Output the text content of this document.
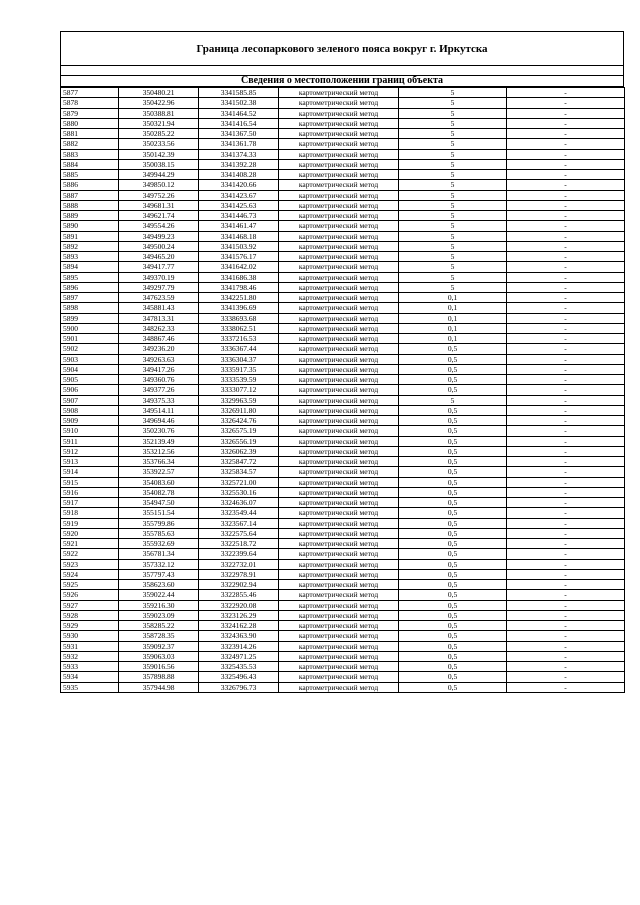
Граница лесопаркового зеленого пояса вокруг г. Иркутска
Сведения о местоположении границ объекта
5877	350480.21	3341585.85	картометрический метод	5	-
5878	350422.96	3341502.38	картометрический метод	5	-
5879	350388.81	3341464.52	картометрический метод	5	-
5880	350321.94	3341416.54	картометрический метод	5	-
5881	350285.22	3341367.50	картометрический метод	5	-
5882	350233.56	3341361.78	картометрический метод	5	-
5883	350142.39	3341374.33	картометрический метод	5	-
5884	350038.15	3341392.28	картометрический метод	5	-
5885	349944.29	3341408.28	картометрический метод	5	-
5886	349850.12	3341420.66	картометрический метод	5	-
5887	349752.26	3341423.67	картометрический метод	5	-
5888	349681.31	3341425.63	картометрический метод	5	-
5889	349621.74	3341446.73	картометрический метод	5	-
5890	349554.26	3341461.47	картометрический метод	5	-
5891	349499.23	3341468.18	картометрический метод	5	-
5892	349500.24	3341503.92	картометрический метод	5	-
5893	349465.20	3341576.17	картометрический метод	5	-
5894	349417.77	3341642.02	картометрический метод	5	-
5895	349370.19	3341686.38	картометрический метод	5	-
5896	349297.79	3341798.46	картометрический метод	5	-
5897	347623.59	3342251.80	картометрический метод	0,1	-
5898	345881.43	3341396.69	картометрический метод	0,1	-
5899	347813.31	3338693.68	картометрический метод	0,1	-
5900	348262.33	3338062.51	картометрический метод	0,1	-
5901	348867.46	3337216.53	картометрический метод	0,1	-
5902	349236.20	3336367.44	картометрический метод	0,5	-
5903	349263.63	3336304.37	картометрический метод	0,5	-
5904	349417.26	3335917.35	картометрический метод	0,5	-
5905	349360.76	3333539.59	картометрический метод	0,5	-
5906	349377.26	3333077.12	картометрический метод	0,5	-
5907	349375.33	3329963.59	картометрический метод	5	-
5908	349514.11	3326911.80	картометрический метод	0,5	-
5909	349694.46	3326424.76	картометрический метод	0,5	-
5910	350230.76	3326575.19	картометрический метод	0,5	-
5911	352139.49	3326556.19	картометрический метод	0,5	-
5912	353212.56	3326062.39	картометрический метод	0,5	-
5913	353766.34	3325847.72	картометрический метод	0,5	-
5914	353922.57	3325834.57	картометрический метод	0,5	-
5915	354083.60	3325721.00	картометрический метод	0,5	-
5916	354082.78	3325530.16	картометрический метод	0,5	-
5917	354947.50	3324636.07	картометрический метод	0,5	-
5918	355151.54	3323549.44	картометрический метод	0,5	-
5919	355799.86	3323567.14	картометрический метод	0,5	-
5920	355785.63	3322575.64	картометрический метод	0,5	-
5921	355932.69	3322518.72	картометрический метод	0,5	-
5922	356781.34	3322399.64	картометрический метод	0,5	-
5923	357332.12	3322732.01	картометрический метод	0,5	-
5924	357797.43	3322978.91	картометрический метод	0,5	-
5925	358623.60	3322902.94	картометрический метод	0,5	-
5926	359022.44	3322855.46	картометрический метод	0,5	-
5927	359216.30	3322920.08	картометрический метод	0,5	-
5928	359023.09	3323126.29	картометрический метод	0,5	-
5929	358285.22	3324162.28	картометрический метод	0,5	-
5930	358728.35	3324363.90	картометрический метод	0,5	-
5931	359092.37	3323914.26	картометрический метод	0,5	-
5932	359063.03	3324971.25	картометрический метод	0,5	-
5933	359016.56	3325435.53	картометрический метод	0,5	-
5934	357898.88	3325496.43	картометрический метод	0,5	-
5935	357944.98	3326796.73	картометрический метод	0,5	-
